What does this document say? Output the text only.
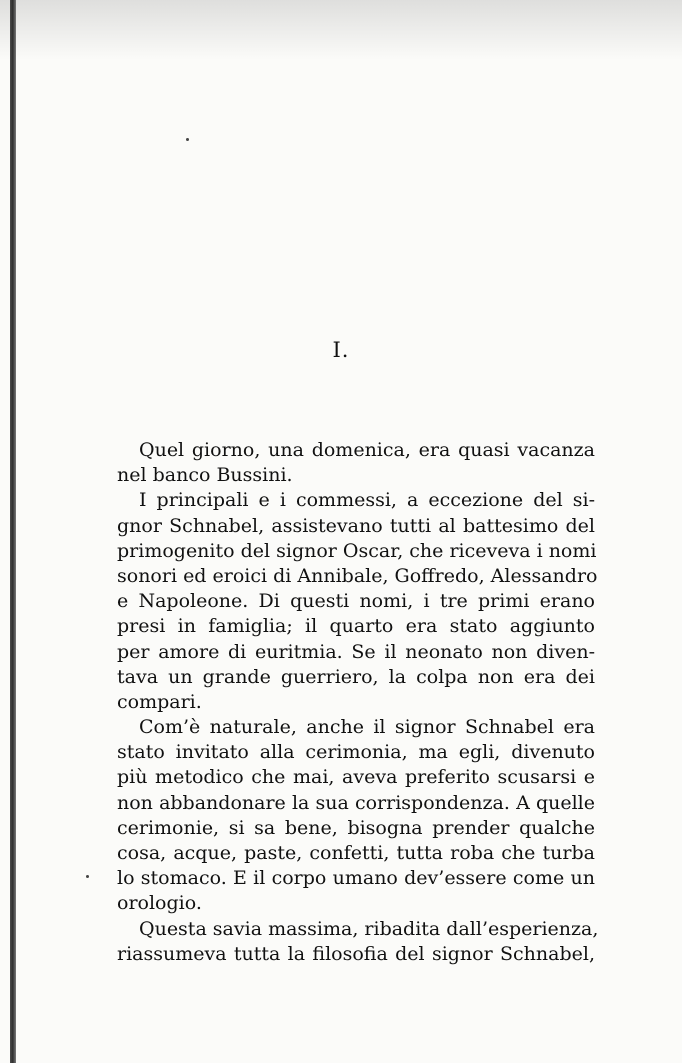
I.
Quel giorno, una domenica, era quasi vacanza
nel banco Bussini.
I principali e i commessi, a eccezione del si-
gnor Schnabel, assistevano tutti al battesimo del
primogenito del signor Oscar, che riceveva i nomi
sonori ed eroici di Annibale, Goffredo, Alessandro
e Napoleone. Di questi nomi, i tre primi erano
presi in famiglia; il quarto era stato aggiunto
per amore di euritmia. Se il neonato non diven-
tava un grande guerriero, la colpa non era dei
compari.
Com’è naturale, anche il signor Schnabel era
stato invitato alla cerimonia, ma egli, divenuto
più metodico che mai, aveva preferito scusarsi e
non abbandonare la sua corrispondenza. A quelle
cerimonie, si sa bene, bisogna prender qualche
cosa, acque, paste, confetti, tutta roba che turba
lo stomaco. E il corpo umano dev’essere come un
orologio.
Questa savia massima, ribadita dall’esperienza,
riassumeva tutta la filosofia del signor Schnabel,
